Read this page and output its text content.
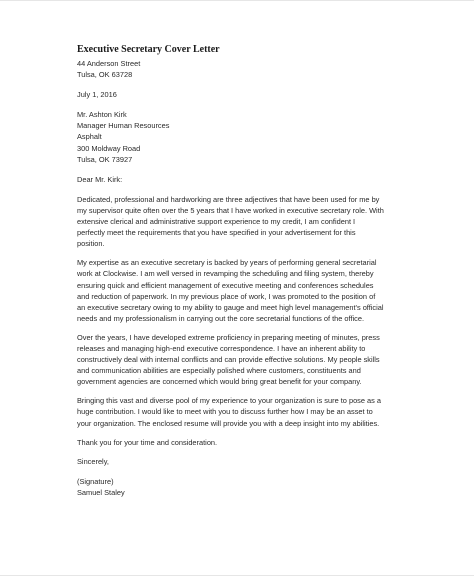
Executive Secretary Cover Letter
44 Anderson Street
Tulsa, OK 63728
July 1, 2016
Mr. Ashton Kirk
Manager Human Resources
Asphalt
300 Moldway Road
Tulsa, OK 73927
Dear Mr. Kirk:
Dedicated, professional and hardworking are three adjectives that have been used for me by
my supervisor quite often over the 5 years that I have worked in executive secretary role. With
extensive clerical and administrative support experience to my credit, I am confident I
perfectly meet the requirements that you have specified in your advertisement for this
position.
My expertise as an executive secretary is backed by years of performing general secretarial
work at Clockwise. I am well versed in revamping the scheduling and filing system, thereby
ensuring quick and efficient management of executive meeting and conferences schedules
and reduction of paperwork. In my previous place of work, I was promoted to the position of
an executive secretary owing to my ability to gauge and meet high level management's official
needs and my professionalism in carrying out the core secretarial functions of the office.
Over the years, I have developed extreme proficiency in preparing meeting of minutes, press
releases and managing high-end executive correspondence. I have an inherent ability to
constructively deal with internal conflicts and can provide effective solutions. My people skills
and communication abilities are especially polished where customers, constituents and
government agencies are concerned which would bring great benefit for your company.
Bringing this vast and diverse pool of my experience to your organization is sure to pose as a
huge contribution. I would like to meet with you to discuss further how I may be an asset to
your organization. The enclosed resume will provide you with a deep insight into my abilities.
Thank you for your time and consideration.
Sincerely,
(Signature)
Samuel Staley
